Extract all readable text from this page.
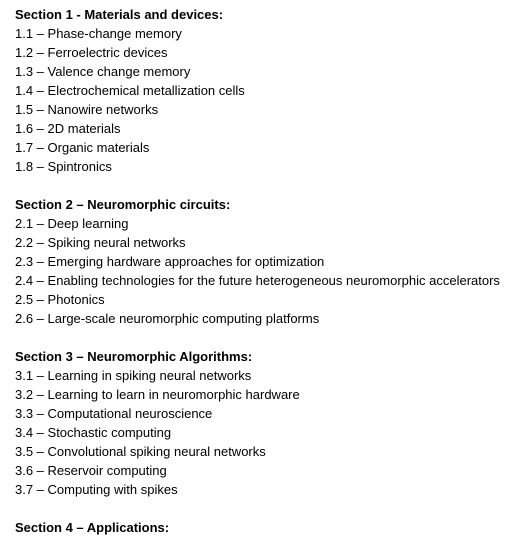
Section 1 - Materials and devices:
1.1 – Phase-change memory
1.2 – Ferroelectric devices
1.3 – Valence change memory
1.4 – Electrochemical metallization cells
1.5 – Nanowire networks
1.6 – 2D materials
1.7 – Organic materials
1.8 – Spintronics
Section 2 – Neuromorphic circuits:
2.1 – Deep learning
2.2 – Spiking neural networks
2.3 – Emerging hardware approaches for optimization
2.4 – Enabling technologies for the future heterogeneous neuromorphic accelerators
2.5 – Photonics
2.6 – Large-scale neuromorphic computing platforms
Section 3 – Neuromorphic Algorithms:
3.1 – Learning in spiking neural networks
3.2 – Learning to learn in neuromorphic hardware
3.3 – Computational neuroscience
3.4 – Stochastic computing
3.5 – Convolutional spiking neural networks
3.6 – Reservoir computing
3.7 – Computing with spikes
Section 4 – Applications:
